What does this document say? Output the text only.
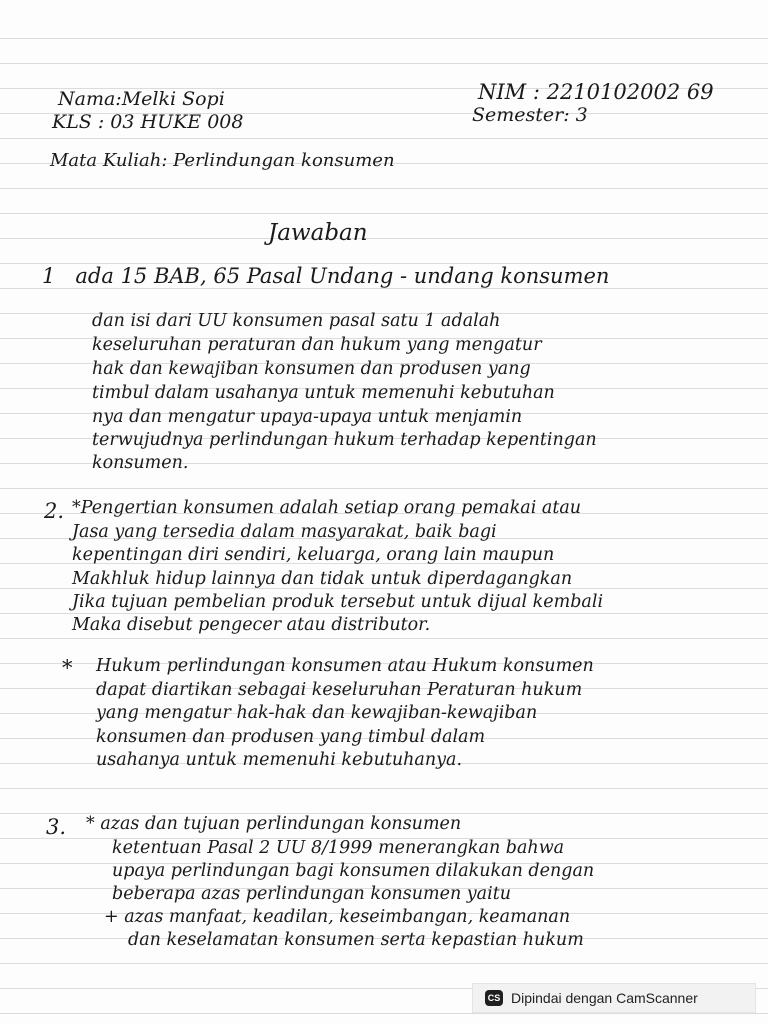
Nama:Melki Sopi	NIM : 2210102002 69
KLS : 03 HUKE 008	Semester: 3
Mata Kuliah: Perlindungan konsumen
Jawaban
1 ada 15 BAB, 65 Pasal Undang - undang konsumen
dan isi dari UU konsumen pasal satu 1 adalah
keseluruhan peraturan dan hukum yang mengatur
hak dan kewajiban konsumen dan produsen yang
timbul dalam usahanya untuk memenuhi kebutuhan
nya dan mengatur upaya-upaya untuk menjamin
terwujudnya perlindungan hukum terhadap kepentingan
konsumen.
2. *Pengertian konsumen adalah setiap orang pemakai atau
Jasa yang tersedia dalam masyarakat, baik bagi
kepentingan diri sendiri, keluarga, orang lain maupun
Makhluk hidup lainnya dan tidak untuk diperdagangkan
Jika tujuan pembelian produk tersebut untuk dijual kembali
Maka disebut pengecer atau distributor.
* Hukum perlindungan konsumen atau Hukum konsumen
dapat diartikan sebagai keseluruhan Peraturan hukum
yang mengatur hak-hak dan kewajiban-kewajiban
konsumen dan produsen yang timbul dalam
usahanya untuk memenuhi kebutuhanya.
3. * azas dan tujuan perlindungan konsumen
ketentuan Pasal 2 UU 8/1999 menerangkan bahwa
upaya perlindungan bagi konsumen dilakukan dengan
beberapa azas perlindungan konsumen yaitu
+ azas manfaat, keadilan, keseimbangan, keamanan
dan keselamatan konsumen serta kepastian hukum
CS Dipindai dengan CamScanner
